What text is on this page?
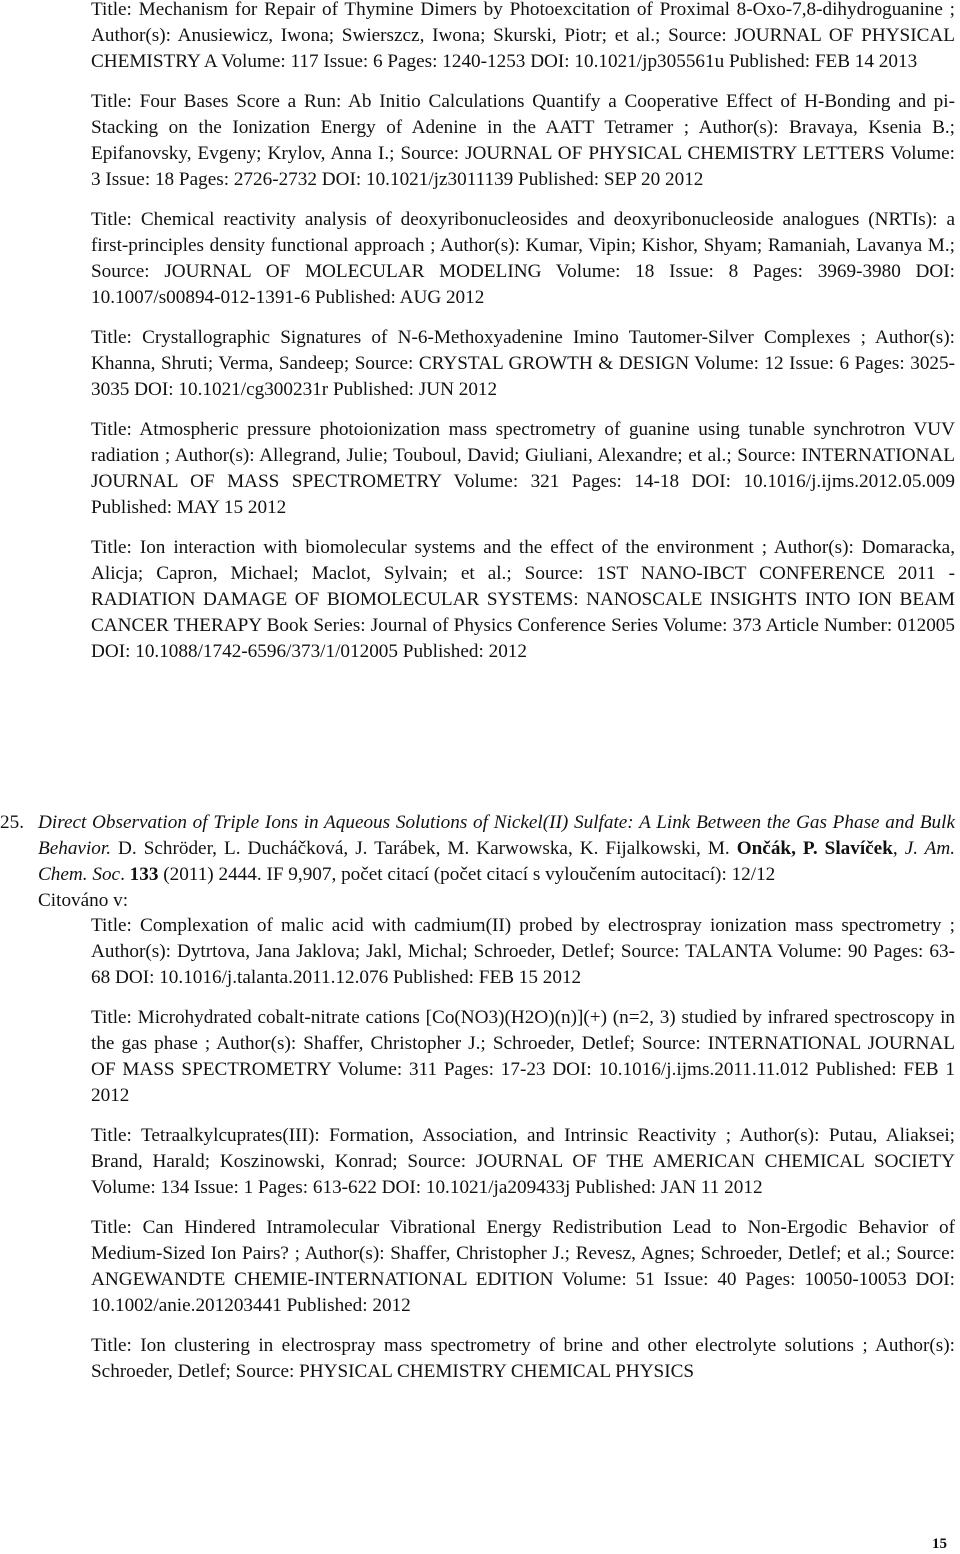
Title: Mechanism for Repair of Thymine Dimers by Photoexcitation of Proximal 8-Oxo-7,8-dihydroguanine ; Author(s): Anusiewicz, Iwona; Swierszcz, Iwona; Skurski, Piotr; et al.; Source: JOURNAL OF PHYSICAL CHEMISTRY A Volume: 117 Issue: 6 Pages: 1240-1253 DOI: 10.1021/jp305561u Published: FEB 14 2013

Title: Four Bases Score a Run: Ab Initio Calculations Quantify a Cooperative Effect of H-Bonding and pi-Stacking on the Ionization Energy of Adenine in the AATT Tetramer ; Author(s): Bravaya, Ksenia B.; Epifanovsky, Evgeny; Krylov, Anna I.; Source: JOURNAL OF PHYSICAL CHEMISTRY LETTERS Volume: 3 Issue: 18 Pages: 2726-2732 DOI: 10.1021/jz3011139 Published: SEP 20 2012

Title: Chemical reactivity analysis of deoxyribonucleosides and deoxyribonucleoside analogues (NRTIs): a first-principles density functional approach ; Author(s): Kumar, Vipin; Kishor, Shyam; Ramaniah, Lavanya M.; Source: JOURNAL OF MOLECULAR MODELING Volume: 18 Issue: 8 Pages: 3969-3980 DOI: 10.1007/s00894-012-1391-6 Published: AUG 2012

Title: Crystallographic Signatures of N-6-Methoxyadenine Imino Tautomer-Silver Complexes ; Author(s): Khanna, Shruti; Verma, Sandeep; Source: CRYSTAL GROWTH & DESIGN Volume: 12 Issue: 6 Pages: 3025-3035 DOI: 10.1021/cg300231r Published: JUN 2012

Title: Atmospheric pressure photoionization mass spectrometry of guanine using tunable synchrotron VUV radiation ; Author(s): Allegrand, Julie; Touboul, David; Giuliani, Alexandre; et al.; Source: INTERNATIONAL JOURNAL OF MASS SPECTROMETRY Volume: 321 Pages: 14-18 DOI: 10.1016/j.ijms.2012.05.009 Published: MAY 15 2012

Title: Ion interaction with biomolecular systems and the effect of the environment ; Author(s): Domaracka, Alicja; Capron, Michael; Maclot, Sylvain; et al.; Source: 1ST NANO-IBCT CONFERENCE 2011 - RADIATION DAMAGE OF BIOMOLECULAR SYSTEMS: NANOSCALE INSIGHTS INTO ION BEAM CANCER THERAPY Book Series: Journal of Physics Conference Series Volume: 373 Article Number: 012005 DOI: 10.1088/1742-6596/373/1/012005 Published: 2012

25. Direct Observation of Triple Ions in Aqueous Solutions of Nickel(II) Sulfate: A Link Between the Gas Phase and Bulk Behavior. D. Schröder, L. Ducháčková, J. Tarábek, M. Karwowska, K. Fijalkowski, M. Ončák, P. Slavíček, J. Am. Chem. Soc. 133 (2011) 2444. IF 9,907, počet citací (počet citací s vyloučením autocitací): 12/12
Citováno v:

Title: Complexation of malic acid with cadmium(II) probed by electrospray ionization mass spectrometry ; Author(s): Dytrtova, Jana Jaklova; Jakl, Michal; Schroeder, Detlef; Source: TALANTA Volume: 90 Pages: 63-68 DOI: 10.1016/j.talanta.2011.12.076 Published: FEB 15 2012

Title: Microhydrated cobalt-nitrate cations [Co(NO3)(H2O)(n)](+) (n=2, 3) studied by infrared spectroscopy in the gas phase ; Author(s): Shaffer, Christopher J.; Schroeder, Detlef; Source: INTERNATIONAL JOURNAL OF MASS SPECTROMETRY Volume: 311 Pages: 17-23 DOI: 10.1016/j.ijms.2011.11.012 Published: FEB 1 2012

Title: Tetraalkylcuprates(III): Formation, Association, and Intrinsic Reactivity ; Author(s): Putau, Aliaksei; Brand, Harald; Koszinowski, Konrad; Source: JOURNAL OF THE AMERICAN CHEMICAL SOCIETY Volume: 134 Issue: 1 Pages: 613-622 DOI: 10.1021/ja209433j Published: JAN 11 2012

Title: Can Hindered Intramolecular Vibrational Energy Redistribution Lead to Non-Ergodic Behavior of Medium-Sized Ion Pairs? ; Author(s): Shaffer, Christopher J.; Revesz, Agnes; Schroeder, Detlef; et al.; Source: ANGEWANDTE CHEMIE-INTERNATIONAL EDITION Volume: 51 Issue: 40 Pages: 10050-10053 DOI: 10.1002/anie.201203441 Published: 2012

Title: Ion clustering in electrospray mass spectrometry of brine and other electrolyte solutions ; Author(s): Schroeder, Detlef; Source: PHYSICAL CHEMISTRY CHEMICAL PHYSICS

15
